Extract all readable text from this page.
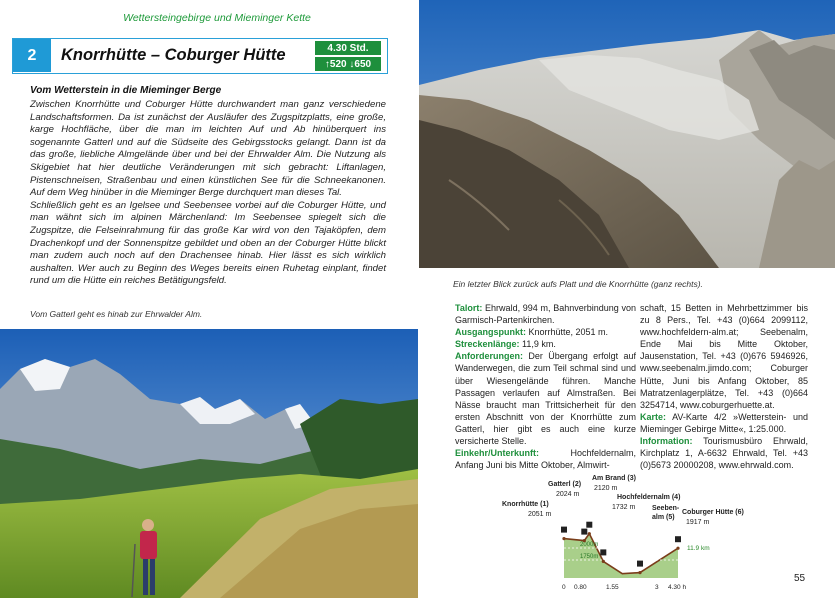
Wettersteingebirge und Mieminger Kette
2	Knorrhütte – Coburger Hütte	4.30 Std.
↑520 ↓650
Vom Wetterstein in die Mieminger Berge

Zwischen Knorrhütte und Coburger Hütte durchwandert man ganz verschiedene Landschaftsformen. Da ist zunächst der Ausläufer des Zugspitzplatts, eine große, karge Hochfläche, über die man im leichten Auf und Ab hinüberquert ins sogenannte Gatterl und auf die Südseite des Gebirgsstocks gelangt. Dann ist da das große, liebliche Almgelände über und bei der Ehrwalder Alm. Die Nutzung als Skigebiet hat hier deutliche Veränderungen mit sich gebracht: Liftanlagen, Pistenschneisen, Straßenbau und einen künstlichen See für die Schneekanonen. Auf dem Weg hinüber in die Mieminger Berge durchquert man dieses Tal.

Schließlich geht es an Igelsee und Seebensee vorbei auf die Coburger Hütte, und man wähnt sich im alpinen Märchenland: Im Seebensee spiegelt sich die Zugspitze, die Felseinrahmung für das große Kar wird von den Tajaköpfen, dem Drachenkopf und der Sonnenspitze gebildet und oben an der Coburger Hütte blickt man zudem auch noch auf den Drachensee hinab. Hier lässt es sich wirklich aushalten. Wer auch zu Beginn des Weges bereits einen Ruhetag einplant, findet rund um die Hütte ein reiches Betätigungsfeld.

Vom Gatterl geht es hinab zur Ehrwalder Alm.
Ein letzter Blick zurück aufs Platt und die Knorrhütte (ganz rechts).
Talort: Ehrwald, 994 m, Bahnverbindung von Garmisch-Partenkirchen.
Ausgangspunkt: Knorrhütte, 2051 m.
Streckenlänge: 11,9 km.
Anforderungen: Der Übergang erfolgt auf Wanderwegen, die zum Teil schmal sind und über Wiesengelände führen. Manche Passagen verlaufen auf Almstraßen. Bei Nässe braucht man Trittsicherheit für den ersten Abschnitt von der Knorrhütte zum Gatterl, hier gibt es auch eine kurze versicherte Stelle.
Einkehr/Unterkunft: Hochfeldernalm, Anfang Juni bis Mitte Oktober, Almwirt-
schaft, 15 Betten in Mehrbettzimmer bis zu 8 Pers., Tel. +43 (0)664 2099112, www.hochfeldern-alm.at; Seebenalm, Ende Mai bis Mitte Oktober, Jausenstation, Tel. +43 (0)676 5946926, www.seebenalm.jimdo.com; Coburger Hütte, Juni bis Anfang Oktober, 85 Matratzenlagerplätze, Tel. +43 (0)664 3254714, www.coburgerhuette.at.
Karte: AV-Karte 4/2 »Wetterstein- und Mieminger Gebirge Mitte«, 1:25.000.
Information: Tourismusbüro Ehrwald, Kirchplatz 1, A-6632 Ehrwald, Tel. +43 (0)5673 20000208, www.ehrwald.com.
2000m
1750m
11.9 km
Knorrhütte (1)
2051 m
Gatterl (2)
2024 m
Am Brand (3)
2120 m
Hochfeldernalm (4)
1732 m Seeben-
alm (5)
Coburger Hütte (6)
1917 m
0 0.80	1.55	3 4.30 h
55
